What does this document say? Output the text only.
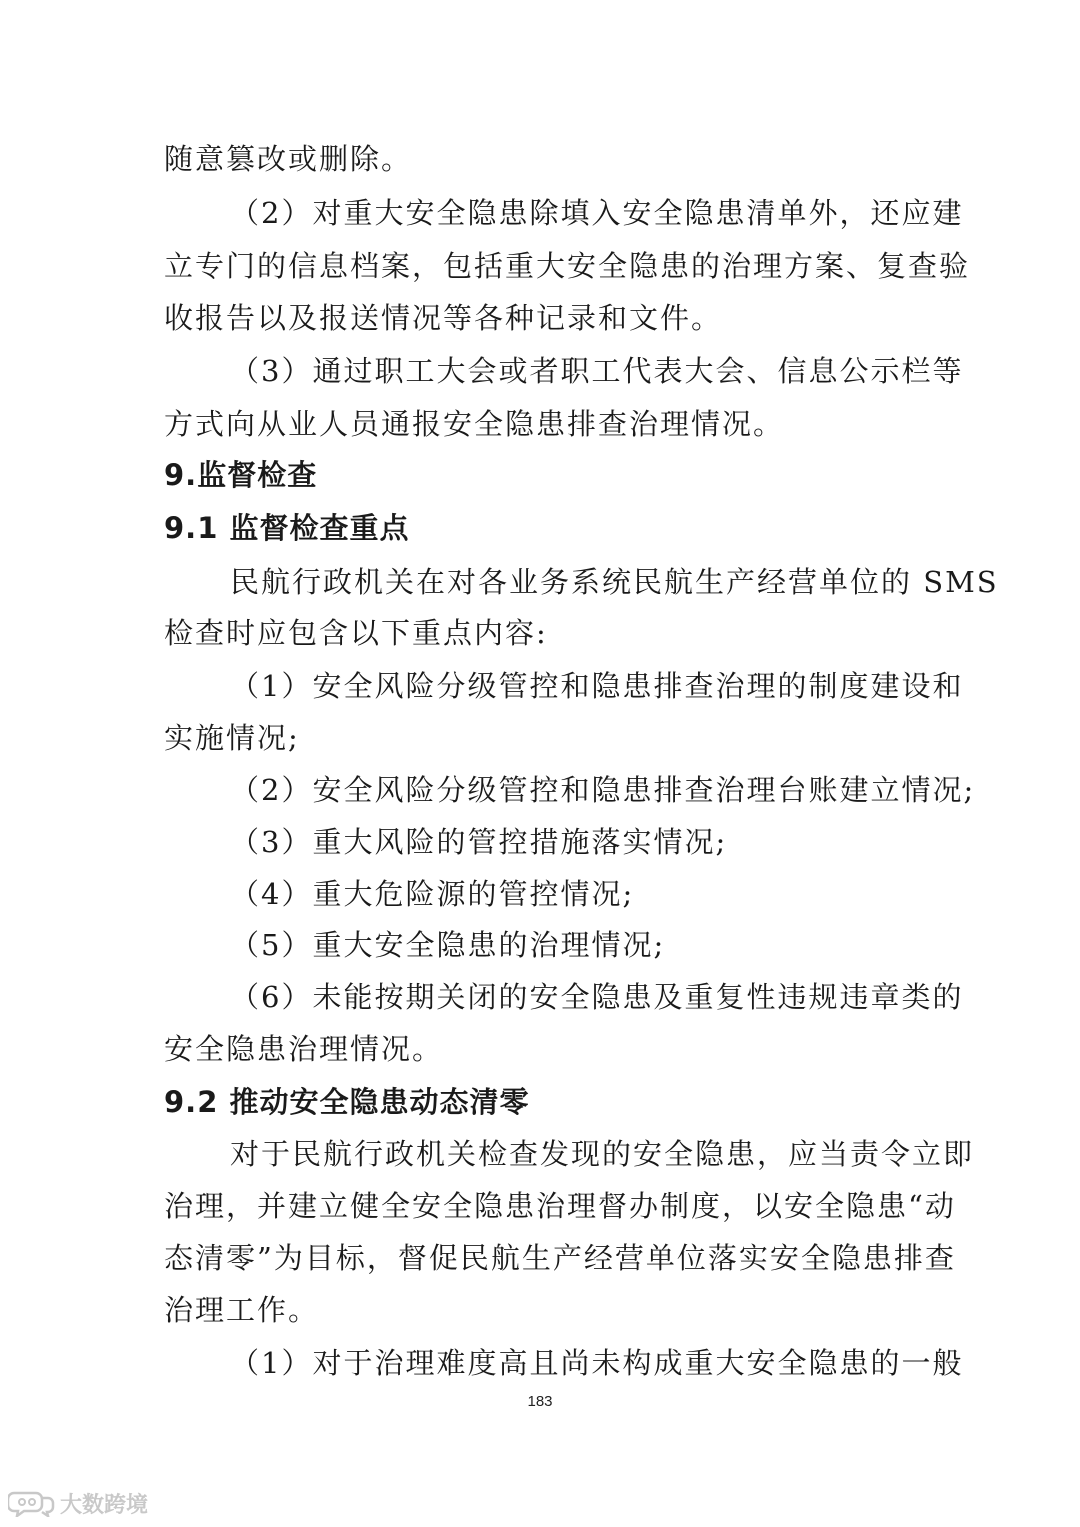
随意篡改或删除。
（2）对重大安全隐患除填入安全隐患清单外，还应建
立专门的信息档案，包括重大安全隐患的治理方案、复查验
收报告以及报送情况等各种记录和文件。
（3）通过职工大会或者职工代表大会、信息公示栏等
方式向从业人员通报安全隐患排查治理情况。
9.监督检查
9.1 监督检查重点
民航行政机关在对各业务系统民航生产经营单位的 SMS
检查时应包含以下重点内容:
（1）安全风险分级管控和隐患排查治理的制度建设和
实施情况;
（2）安全风险分级管控和隐患排查治理台账建立情况;
（3）重大风险的管控措施落实情况;
（4）重大危险源的管控情况;
（5）重大安全隐患的治理情况;
（6）未能按期关闭的安全隐患及重复性违规违章类的
安全隐患治理情况。
9.2 推动安全隐患动态清零
对于民航行政机关检查发现的安全隐患，应当责令立即
治理，并建立健全安全隐患治理督办制度，以安全隐患“动
态清零”为目标，督促民航生产经营单位落实安全隐患排查
治理工作。
（1）对于治理难度高且尚未构成重大安全隐患的一般
183
大数跨境
